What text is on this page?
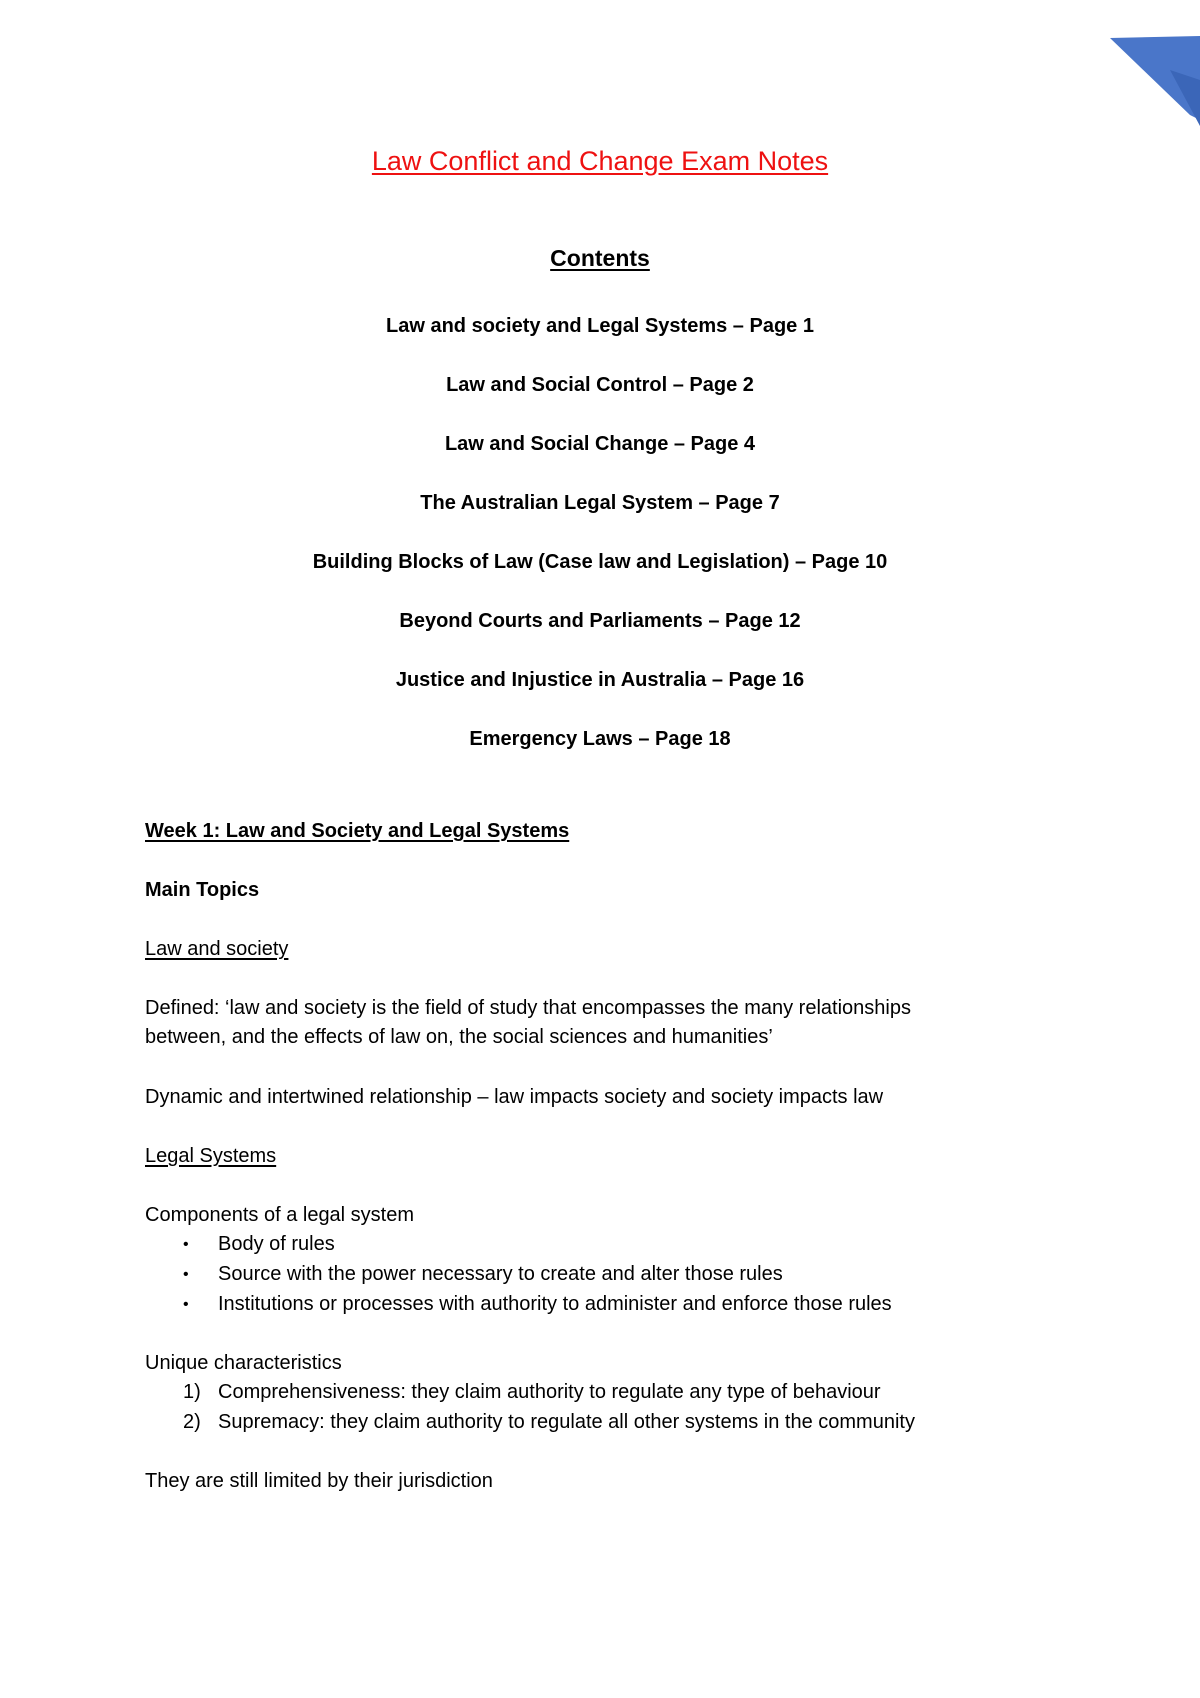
Law Conflict and Change Exam Notes
Contents
Law and society and Legal Systems – Page 1
Law and Social Control – Page 2
Law and Social Change – Page 4
The Australian Legal System – Page 7
Building Blocks of Law (Case law and Legislation) – Page 10
Beyond Courts and Parliaments – Page 12
Justice and Injustice in Australia – Page 16
Emergency Laws – Page 18
Week 1: Law and Society and Legal Systems
Main Topics
Law and society
Defined: ‘law and society is the field of study that encompasses the many relationships
between, and the effects of law on, the social sciences and humanities’
Dynamic and intertwined relationship – law impacts society and society impacts law
Legal Systems
Components of a legal system
•	Body of rules
•	Source with the power necessary to create and alter those rules
•	Institutions or processes with authority to administer and enforce those rules
Unique characteristics
1) Comprehensiveness: they claim authority to regulate any type of behaviour
2) Supremacy: they claim authority to regulate all other systems in the community
They are still limited by their jurisdiction
